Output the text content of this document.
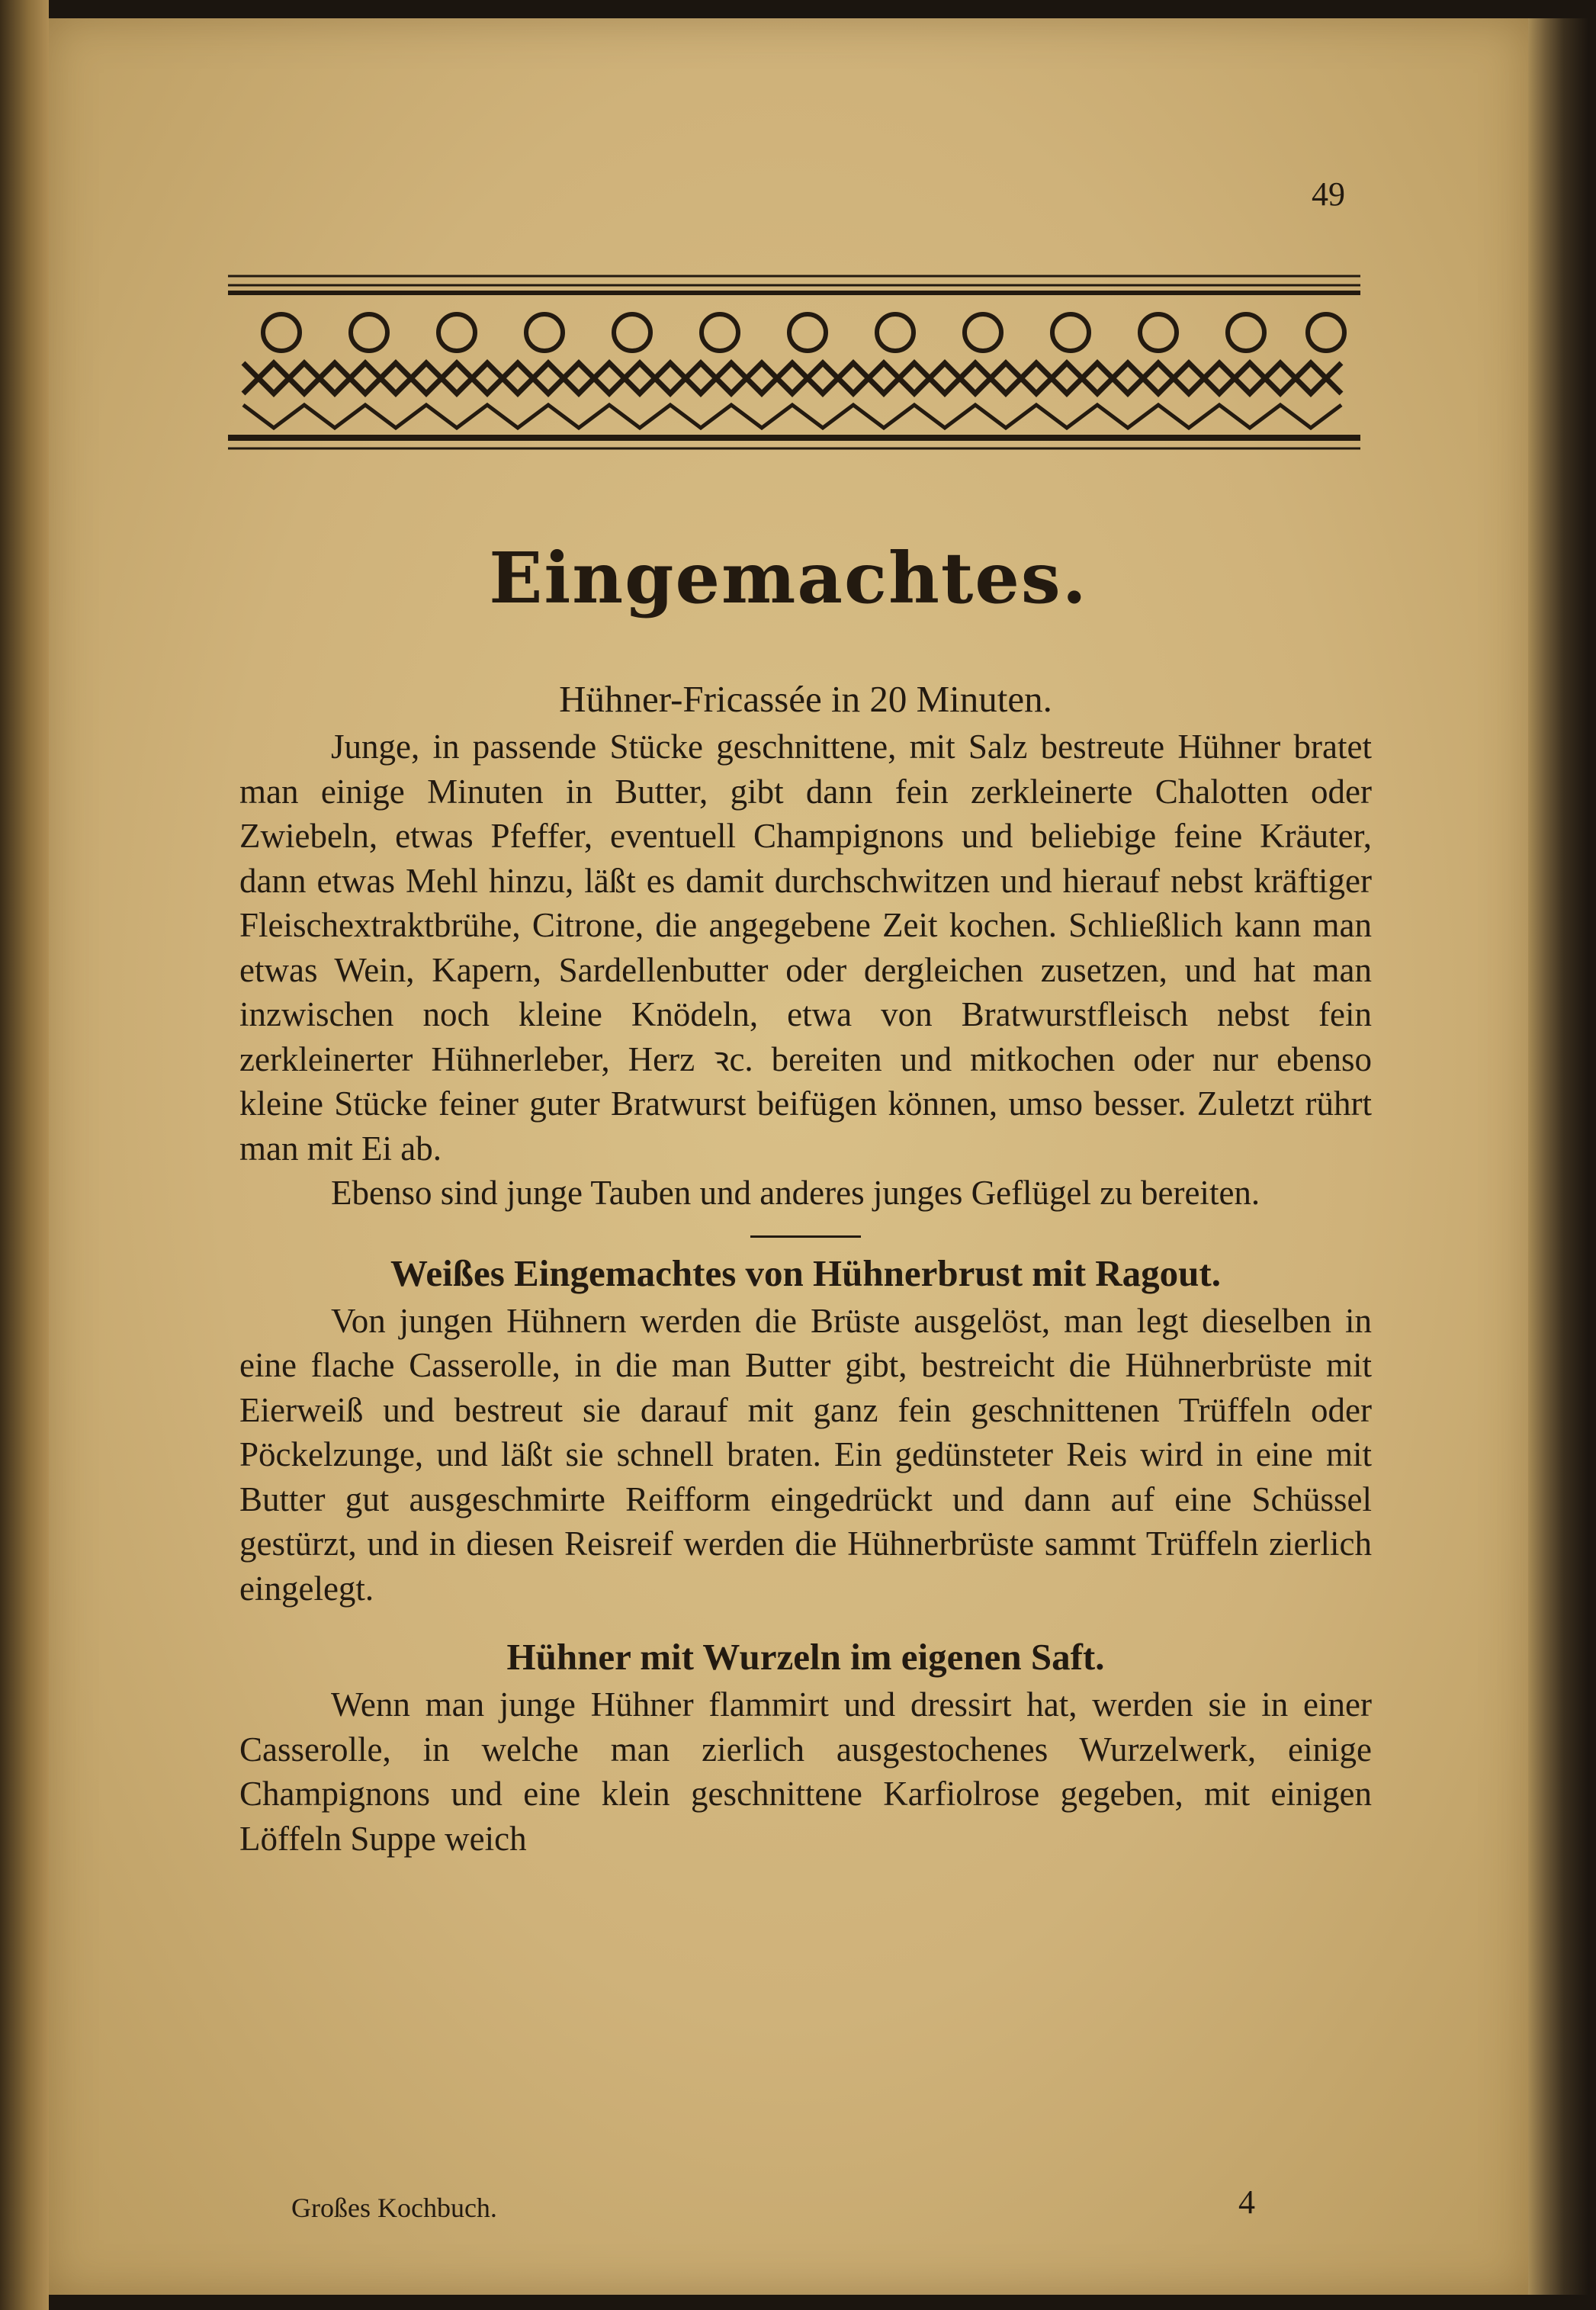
49
Eingemachtes.
Hühner-Fricassée in 20 Minuten.

Junge, in passende Stücke geschnittene, mit Salz bestreute Hühner bratet man einige Minuten in Butter, gibt dann fein zerkleinerte Chalotten oder Zwiebeln, etwas Pfeffer, eventuell Champignons und beliebige feine Kräuter, dann etwas Mehl hinzu, läßt es damit durchschwitzen und hierauf nebst kräftiger Fleischextraktbrühe, Citrone, die angegebene Zeit kochen. Schließlich kann man etwas Wein, Kapern, Sardellenbutter oder dergleichen zusetzen, und hat man inzwischen noch kleine Knödeln, etwa von Bratwurstfleisch nebst fein zerkleinerter Hühnerleber, Herz ꝛc. bereiten und mitkochen oder nur ebenso kleine Stücke feiner guter Bratwurst beifügen können, umso besser. Zuletzt rührt man mit Ei ab.

Ebenso sind junge Tauben und anderes junges Geflügel zu bereiten.

Weißes Eingemachtes von Hühnerbrust mit Ragout.

Von jungen Hühnern werden die Brüste ausgelöst, man legt dieselben in eine flache Casserolle, in die man Butter gibt, bestreicht die Hühnerbrüste mit Eierweiß und bestreut sie darauf mit ganz fein geschnittenen Trüffeln oder Pöckelzunge, und läßt sie schnell braten. Ein gedünsteter Reis wird in eine mit Butter gut ausgeschmirte Reifform eingedrückt und dann auf eine Schüssel gestürzt, und in diesen Reisreif werden die Hühnerbrüste sammt Trüffeln zierlich eingelegt.

Hühner mit Wurzeln im eigenen Saft.

Wenn man junge Hühner flammirt und dressirt hat, werden sie in einer Casserolle, in welche man zierlich ausgestochenes Wurzelwerk, einige Champignons und eine klein geschnittene Karfiolrose gegeben, mit einigen Löffeln Suppe weich

Großes Kochbuch.	4
